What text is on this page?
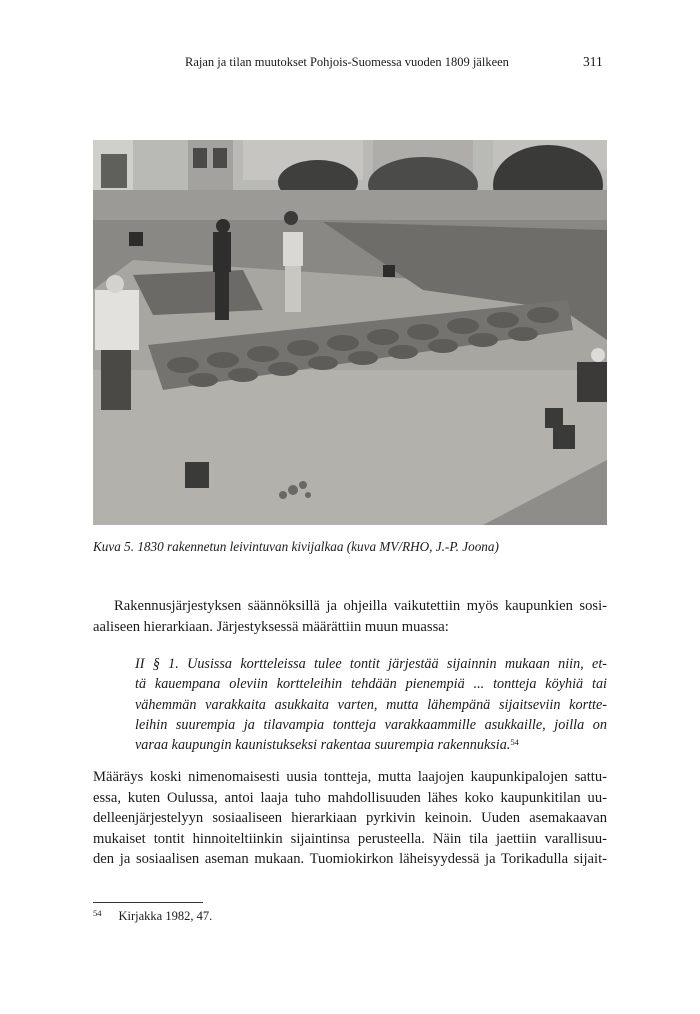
Rajan ja tilan muutokset Pohjois-Suomessa vuoden 1809 jälkeen	311
Kuva 5. 1830 rakennetun leivintuvan kivijalkaa (kuva MV/RHO, J.-P. Joona)

Rakennusjärjestyksen säännöksillä ja ohjeilla vaikutettiin myös kaupunkien sosi-
aaliseen hierarkiaan. Järjestyksessä määrättiin muun muassa:

II § 1. Uusissa kortteleissa tulee tontit järjestää sijainnin mukaan niin, et-
tä kauempana oleviin kortteleihin tehdään pienempiä ... tontteja köyhiä tai
vähemmän varakkaita asukkaita varten, mutta lähempänä sijaitseviin kortte-
leihin suurempia ja tilavampia tontteja varakkaammille asukkaille, joilla on
varaa kaupungin kaunistukseksi rakentaa suurempia rakennuksia.$^{54}$

Määräys koski nimenomaisesti uusia tontteja, mutta laajojen kaupunkipalojen sattu-
essa, kuten Oulussa, antoi laaja tuho mahdollisuuden lähes koko kaupunkitilan uu-
delleenjärjestelyyn sosiaaliseen hierarkiaan pyrkivin keinoin. Uuden asemakaavan
mukaiset tontit hinnoiteltiinkin sijaintinsa perusteella. Näin tila jaettiin varallisuu-
den ja sosiaalisen aseman mukaan. Tuomiokirkon läheisyydessä ja Torikadulla sijait-

$^{54}$ Kirjakka 1982, 47.
